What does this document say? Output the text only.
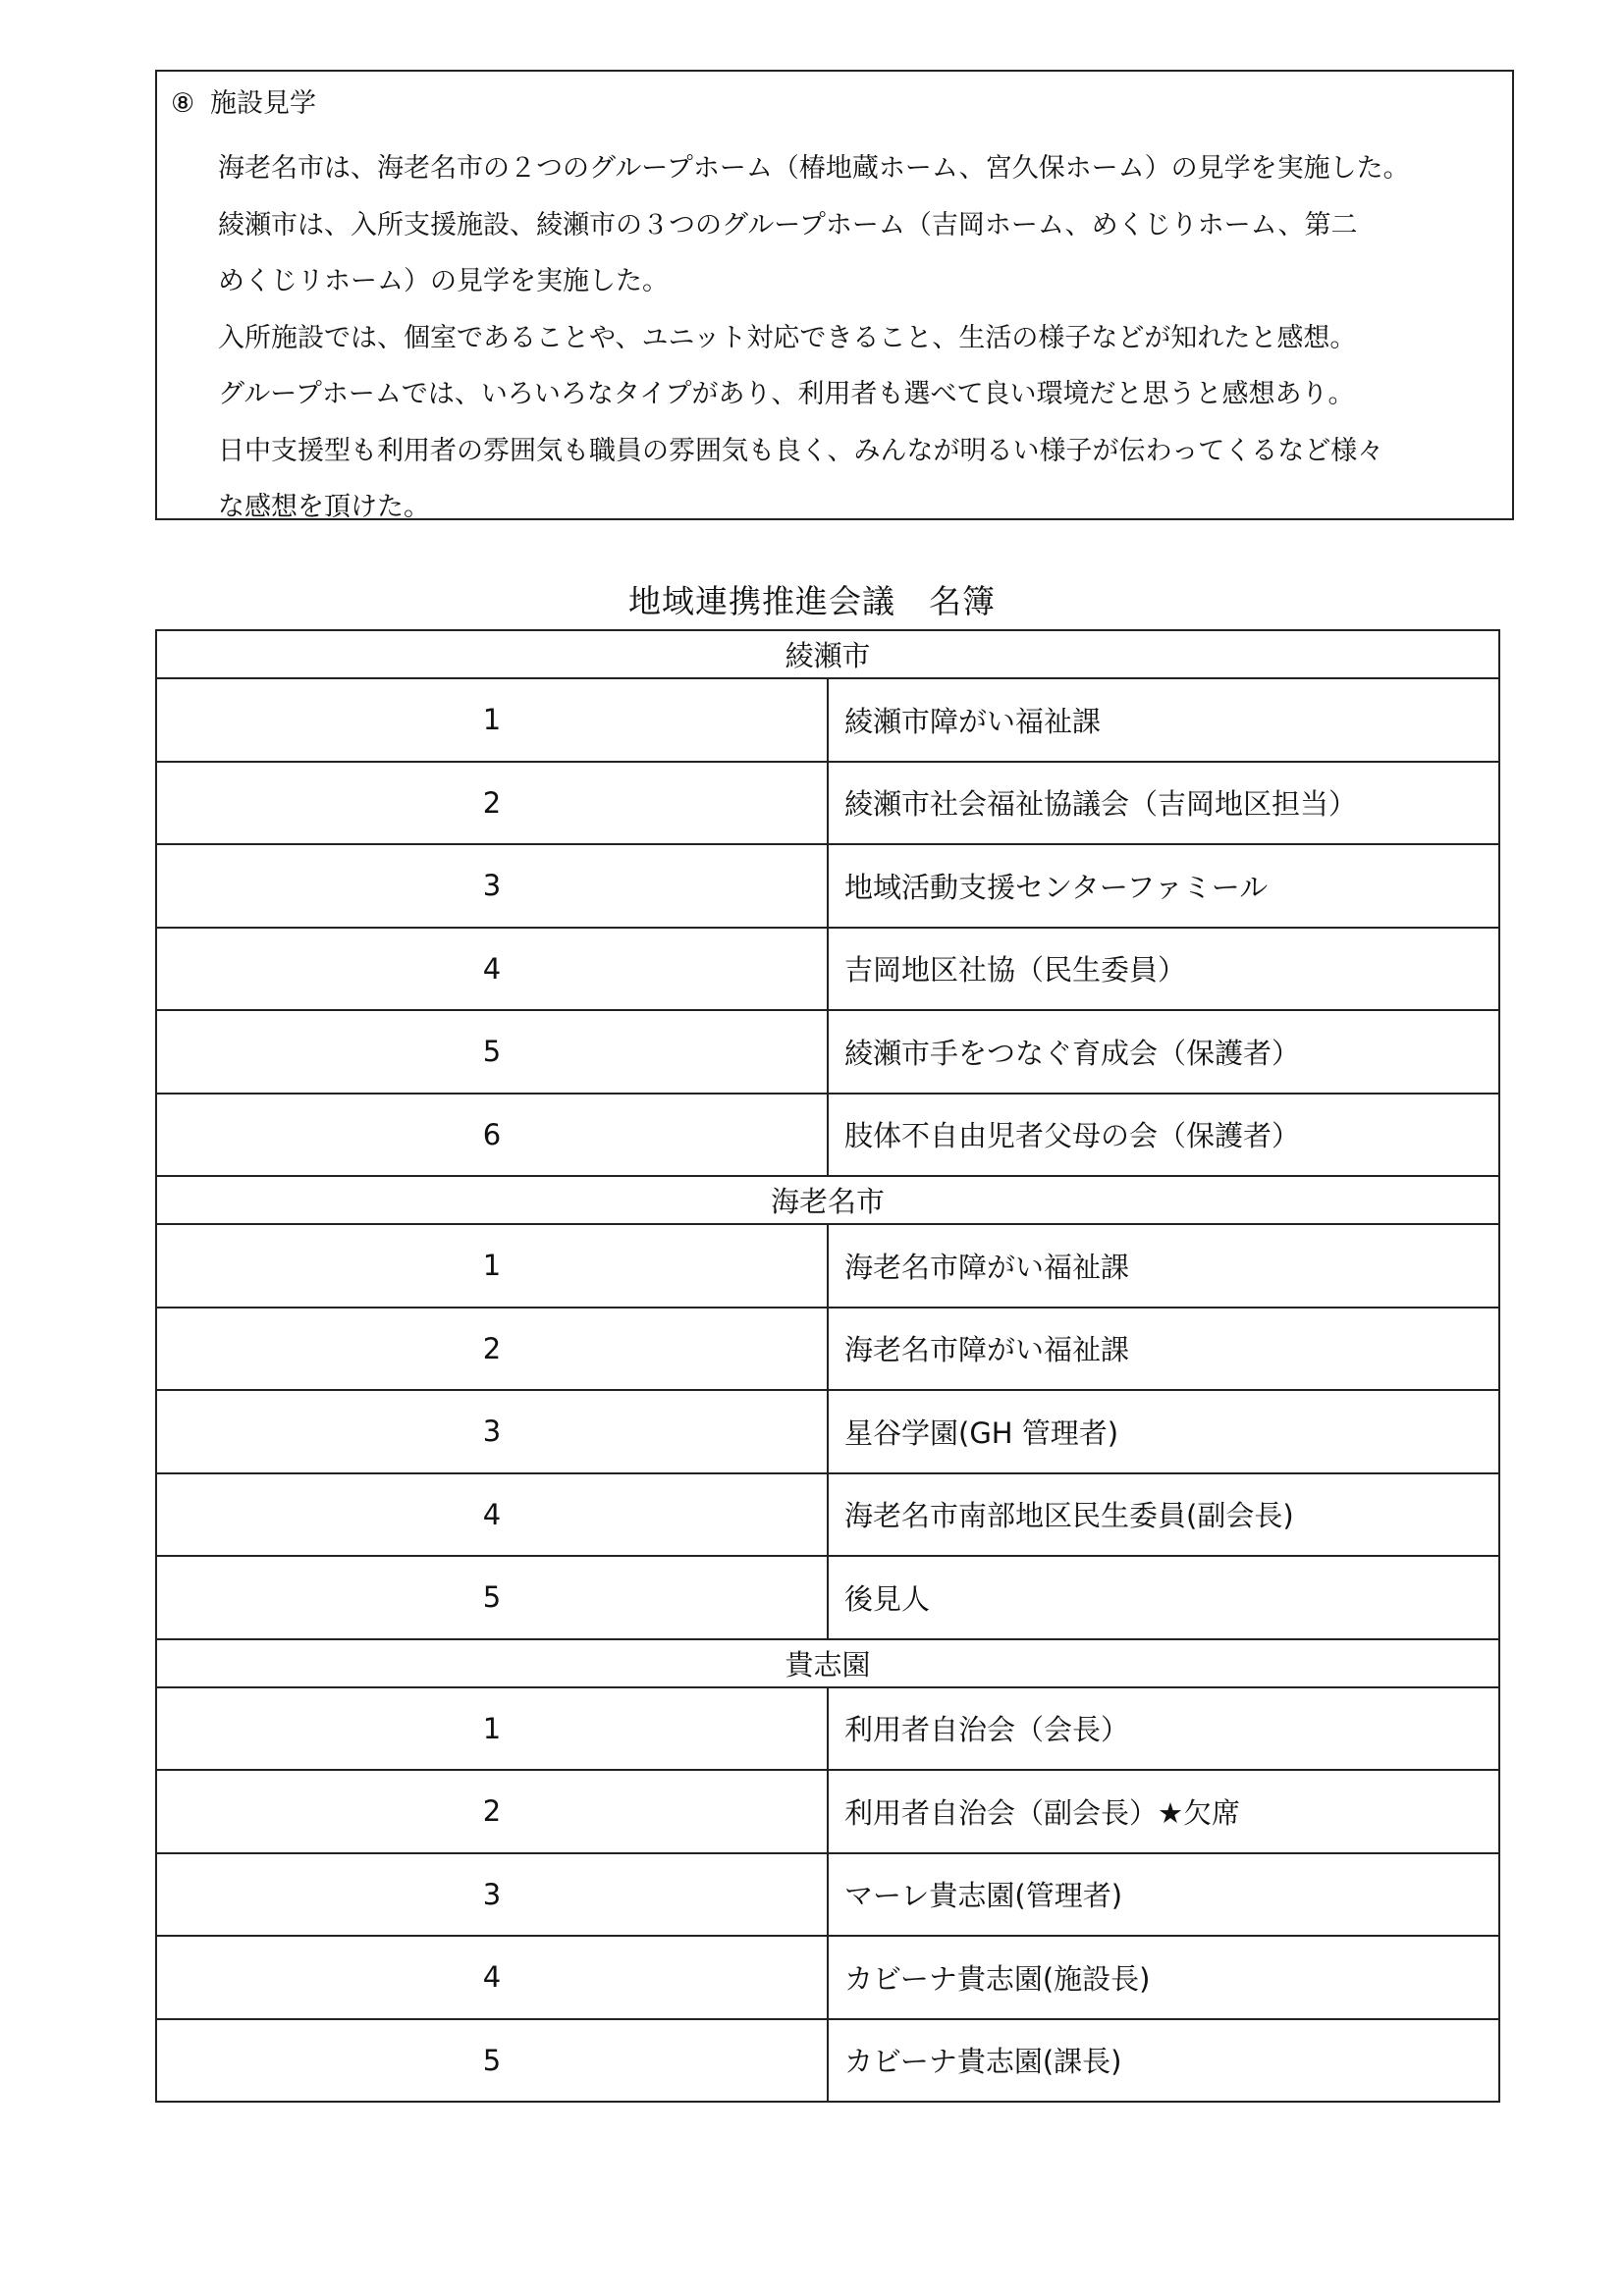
⑧ 施設見学
海老名市は、海老名市の２つのグループホーム（椿地蔵ホーム、宮久保ホーム）の見学を実施した。
綾瀬市は、入所支援施設、綾瀬市の３つのグループホーム（吉岡ホーム、めくじりホーム、第二
めくじリホーム）の見学を実施した。
入所施設では、個室であることや、ユニット対応できること、生活の様子などが知れたと感想。
グループホームでは、いろいろなタイプがあり、利用者も選べて良い環境だと思うと感想あり。
日中支援型も利用者の雰囲気も職員の雰囲気も良く、みんなが明るい様子が伝わってくるなど様々
な感想を頂けた。
地域連携推進会議　名簿
綾瀬市	
1	綾瀬市障がい福祉課
2	綾瀬市社会福祉協議会（吉岡地区担当）
3	地域活動支援センターファミール
4	吉岡地区社協（民生委員）
5	綾瀬市手をつなぐ育成会（保護者）
6	肢体不自由児者父母の会（保護者）
海老名市	
1	海老名市障がい福祉課
2	海老名市障がい福祉課
3	星谷学園(GH 管理者)
4	海老名市南部地区民生委員(副会長)
5	後見人
貴志園	
1	利用者自治会（会長）
2	利用者自治会（副会長）★欠席
3	マーレ貴志園(管理者)
4	カビーナ貴志園(施設長)
5	カビーナ貴志園(課長)
